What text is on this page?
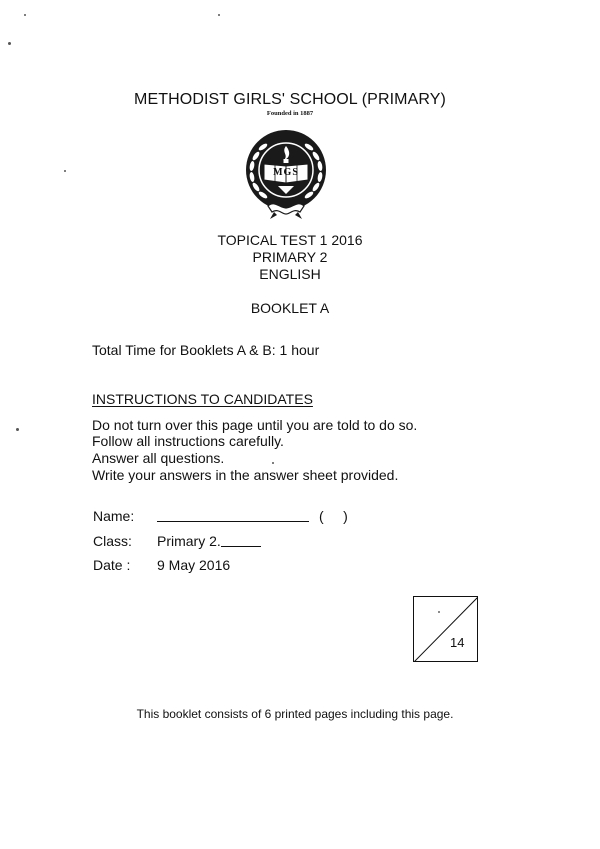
METHODIST GIRLS' SCHOOL (PRIMARY)
Founded in 1887
MGS
TOPICAL TEST 1 2016
PRIMARY 2
ENGLISH
BOOKLET A
Total Time for Booklets A & B: 1 hour
INSTRUCTIONS TO CANDIDATES
Do not turn over this page until you are told to do so.
Follow all instructions carefully.
Answer all questions.
Write your answers in the answer sheet provided.
Name:	(     )
Class: Primary 2.
Date : 9 May 2016
14
This booklet consists of 6 printed pages including this page.
